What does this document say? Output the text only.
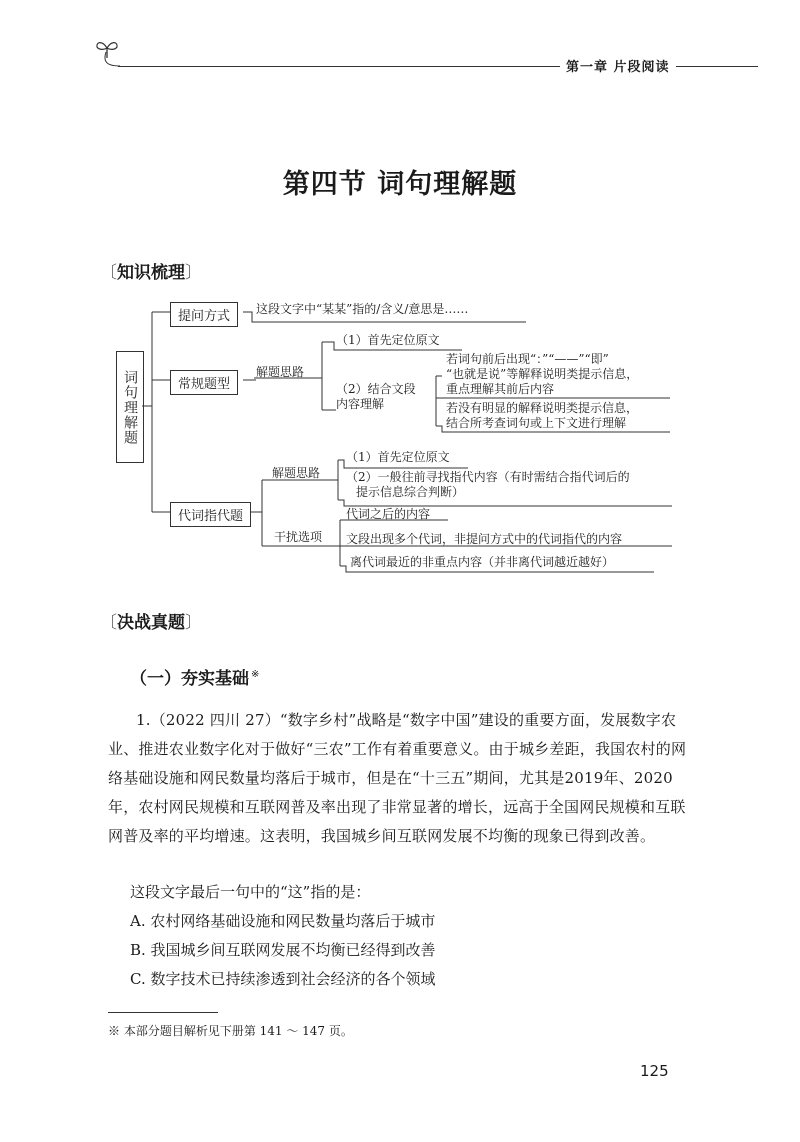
第一章 片段阅读
第四节 词句理解题
〔知识梳理〕
词句理解题
提问方式	这段文字中“某某”指的/含义/意思是……
常规题型
解题思路
（1）首先定位原文
（2）结合文段
内容理解
若词句前后出现“：”“——”“即”
“也就是说”等解释说明类提示信息，
重点理解其前后内容
若没有明显的解释说明类提示信息，
结合所考查词句或上下文进行理解
代词指代题
解题思路
（1）首先定位原文
（2）一般往前寻找指代内容（有时需结合指代词后的
提示信息综合判断）
干扰选项
代词之后的内容
文段出现多个代词，非提问方式中的代词指代的内容
离代词最近的非重点内容（并非离代词越近越好）
〔决战真题〕
（一）夯实基础 ※
1.（2022 四川 27）“数字乡村”战略是“数字中国”建设的重要方面，发展数字农业、推进农业数字化对于做好“三农”工作有着重要意义。由于城乡差距，我国农村的网络基础设施和网民数量均落后于城市，但是在“十三五”期间，尤其是2019年、2020年，农村网民规模和互联网普及率出现了非常显著的增长，远高于全国网民规模和互联网普及率的平均增速。这表明，我国城乡间互联网发展不均衡的现象已得到改善。
这段文字最后一句中的“这”指的是：
A. 农村网络基础设施和网民数量均落后于城市
B. 我国城乡间互联网发展不均衡已经得到改善
C. 数字技术已持续渗透到社会经济的各个领域
※ 本部分题目解析见下册第 141 ～ 147 页。
125
